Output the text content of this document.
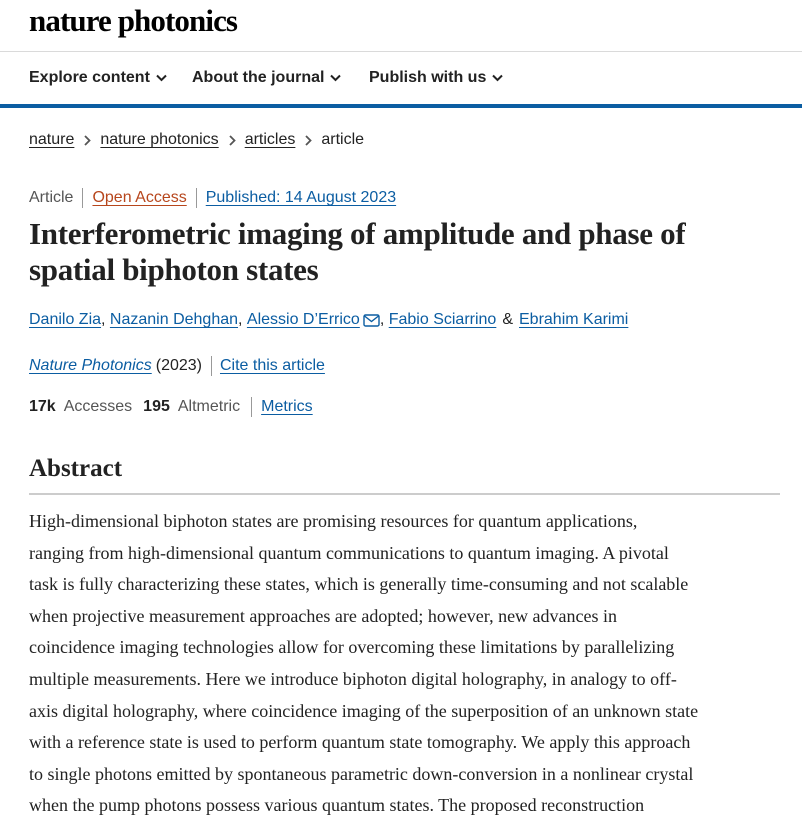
nature photonics
Explore content	About the journal	Publish with us
nature nature photonics articles article
Article Open Access Published: 14 August 2023
Interferometric imaging of amplitude and phase of
spatial biphoton states
Danilo Zia , Nazanin Dehghan , Alessio D’Errico , Fabio Sciarrino & Ebrahim Karimi
Nature Photonics (2023) Cite this article
17k Accesses 195 Altmetric Metrics
Abstract
High-dimensional biphoton states are promising resources for quantum applications,
ranging from high-dimensional quantum communications to quantum imaging. A pivotal
task is fully characterizing these states, which is generally time-consuming and not scalable
when projective measurement approaches are adopted; however, new advances in
coincidence imaging technologies allow for overcoming these limitations by parallelizing
multiple measurements. Here we introduce biphoton digital holography, in analogy to off-
axis digital holography, where coincidence imaging of the superposition of an unknown state
with a reference state is used to perform quantum state tomography. We apply this approach
to single photons emitted by spontaneous parametric down-conversion in a nonlinear crystal
when the pump photons possess various quantum states. The proposed reconstruction
